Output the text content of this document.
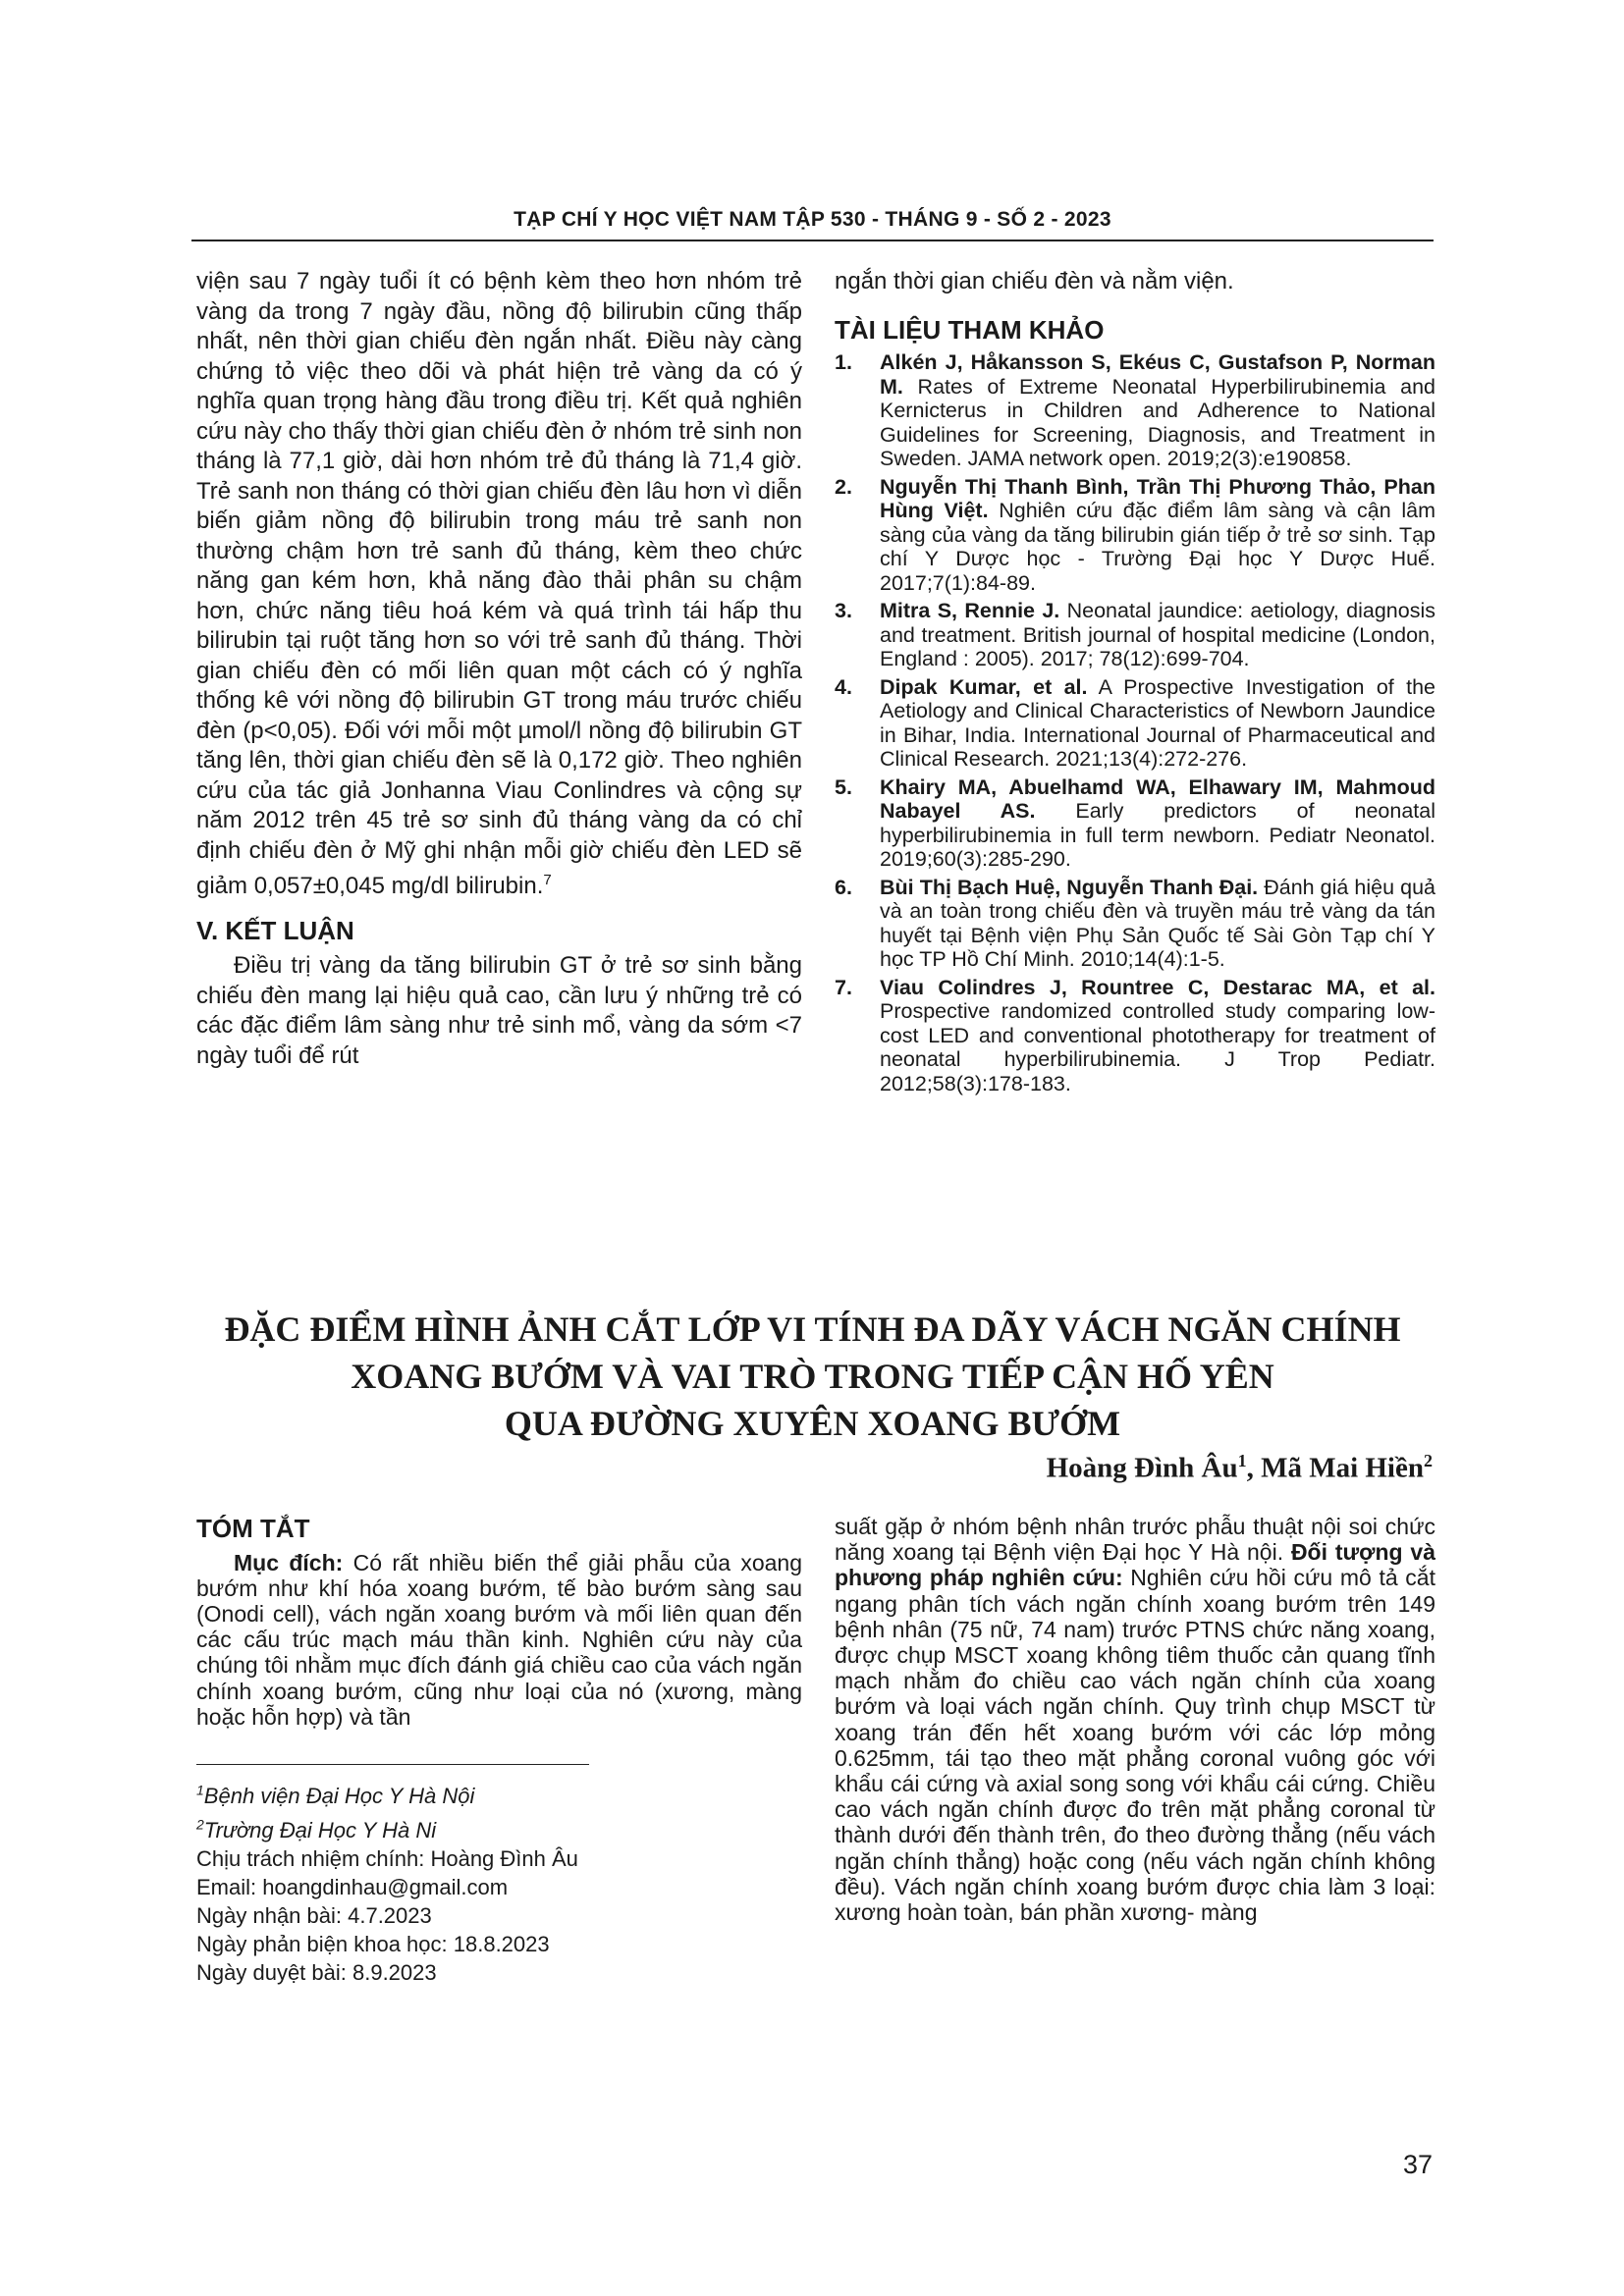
TẠP CHÍ Y HỌC VIỆT NAM TẬP 530 - THÁNG 9 - SỐ 2 - 2023

viện sau 7 ngày tuổi ít có bệnh kèm theo hơn nhóm trẻ vàng da trong 7 ngày đầu, nồng độ bilirubin cũng thấp nhất, nên thời gian chiếu đèn ngắn nhất. Điều này càng chứng tỏ việc theo dõi và phát hiện trẻ vàng da có ý nghĩa quan trọng hàng đầu trong điều trị. Kết quả nghiên cứu này cho thấy thời gian chiếu đèn ở nhóm trẻ sinh non tháng là 77,1 giờ, dài hơn nhóm trẻ đủ tháng là 71,4 giờ. Trẻ sanh non tháng có thời gian chiếu đèn lâu hơn vì diễn biến giảm nồng độ bilirubin trong máu trẻ sanh non thường chậm hơn trẻ sanh đủ tháng, kèm theo chức năng gan kém hơn, khả năng đào thải phân su chậm hơn, chức năng tiêu hoá kém và quá trình tái hấp thu bilirubin tại ruột tăng hơn so với trẻ sanh đủ tháng. Thời gian chiếu đèn có mối liên quan một cách có ý nghĩa thống kê với nồng độ bilirubin GT trong máu trước chiếu đèn (p<0,05). Đối với mỗi một µmol/l nồng độ bilirubin GT tăng lên, thời gian chiếu đèn sẽ là 0,172 giờ. Theo nghiên cứu của tác giả Jonhanna Viau Conlindres và cộng sự năm 2012 trên 45 trẻ sơ sinh đủ tháng vàng da có chỉ định chiếu đèn ở Mỹ ghi nhận mỗi giờ chiếu đèn LED sẽ giảm 0,057±0,045 mg/dl bilirubin.$^7$

V. KẾT LUẬN

Điều trị vàng da tăng bilirubin GT ở trẻ sơ sinh bằng chiếu đèn mang lại hiệu quả cao, cần lưu ý những trẻ có các đặc điểm lâm sàng như trẻ sinh mổ, vàng da sớm <7 ngày tuổi để rút

ngắn thời gian chiếu đèn và nằm viện.

TÀI LIỆU THAM KHẢO
1. Alkén J, Håkansson S, Ekéus C, Gustafson P, Norman M. Rates of Extreme Neonatal Hyperbilirubinemia and Kernicterus in Children and Adherence to National Guidelines for Screening, Diagnosis, and Treatment in Sweden. JAMA network open. 2019;2(3):e190858.
2. Nguyễn Thị Thanh Bình, Trần Thị Phương Thảo, Phan Hùng Việt. Nghiên cứu đặc điểm lâm sàng và cận lâm sàng của vàng da tăng bilirubin gián tiếp ở trẻ sơ sinh. Tạp chí Y Dược học - Trường Đại học Y Dược Huế. 2017;7(1):84-89.
3. Mitra S, Rennie J. Neonatal jaundice: aetiology, diagnosis and treatment. British journal of hospital medicine (London, England : 2005). 2017; 78(12):699-704.
4. Dipak Kumar, et al. A Prospective Investigation of the Aetiology and Clinical Characteristics of Newborn Jaundice in Bihar, India. International Journal of Pharmaceutical and Clinical Research. 2021;13(4):272-276.
5. Khairy MA, Abuelhamd WA, Elhawary IM, Mahmoud Nabayel AS. Early predictors of neonatal hyperbilirubinemia in full term newborn. Pediatr Neonatol. 2019;60(3):285-290.
6. Bùi Thị Bạch Huệ, Nguyễn Thanh Đại. Đánh giá hiệu quả và an toàn trong chiếu đèn và truyền máu trẻ vàng da tán huyết tại Bệnh viện Phụ Sản Quốc tế Sài Gòn Tạp chí Y học TP Hồ Chí Minh. 2010;14(4):1-5.
7. Viau Colindres J, Rountree C, Destarac MA, et al. Prospective randomized controlled study comparing low-cost LED and conventional phototherapy for treatment of neonatal hyperbilirubinemia. J Trop Pediatr. 2012;58(3):178-183.
ĐẶC ĐIỂM HÌNH ẢNH CẮT LỚP VI TÍNH ĐA DÃY VÁCH NGĂN CHÍNH
XOANG BƯỚM VÀ VAI TRÒ TRONG TIẾP CẬN HỐ YÊN
QUA ĐƯỜNG XUYÊN XOANG BƯỚM
Hoàng Đình $Âu^1$, Mã Mai Hiền$^2$
TÓM TẮT

Mục đích: Có rất nhiều biến thể giải phẫu của xoang bướm như khí hóa xoang bướm, tế bào bướm sàng sau (Onodi cell), vách ngăn xoang bướm và mối liên quan đến các cấu trúc mạch máu thần kinh. Nghiên cứu này của chúng tôi nhằm mục đích đánh giá chiều cao của vách ngăn chính xoang bướm, cũng như loại của nó (xương, màng hoặc hỗn hợp) và tần

suất gặp ở nhóm bệnh nhân trước phẫu thuật nội soi chức năng xoang tại Bệnh viện Đại học Y Hà nội. Đối tượng và phương pháp nghiên cứu: Nghiên cứu hồi cứu mô tả cắt ngang phân tích vách ngăn chính xoang bướm trên 149 bệnh nhân (75 nữ, 74 nam) trước PTNS chức năng xoang, được chụp MSCT xoang không tiêm thuốc cản quang tĩnh mạch nhằm đo chiều cao vách ngăn chính của xoang bướm và loại vách ngăn chính. Quy trình chụp MSCT từ xoang trán đến hết xoang bướm với các lớp mỏng 0.625mm, tái tạo theo mặt phẳng coronal vuông góc với khẩu cái cứng và axial song song với khẩu cái cứng. Chiều cao vách ngăn chính được đo trên mặt phẳng coronal từ thành dưới đến thành trên, đo theo đường thẳng (nếu vách ngăn chính thẳng) hoặc cong (nếu vách ngăn chính không đều). Vách ngăn chính xoang bướm được chia làm 3 loại: xương hoàn toàn, bán phần xương- màng

$^1$Bệnh viện Đại Học Y Hà Nội
$^2$Trường Đại Học Y Hà Ni
Chịu trách nhiệm chính: Hoàng Đình Âu
Email: hoangdinhau@gmail.com
Ngày nhận bài: 4.7.2023
Ngày phản biện khoa học: 18.8.2023
Ngày duyệt bài: 8.9.2023
37
